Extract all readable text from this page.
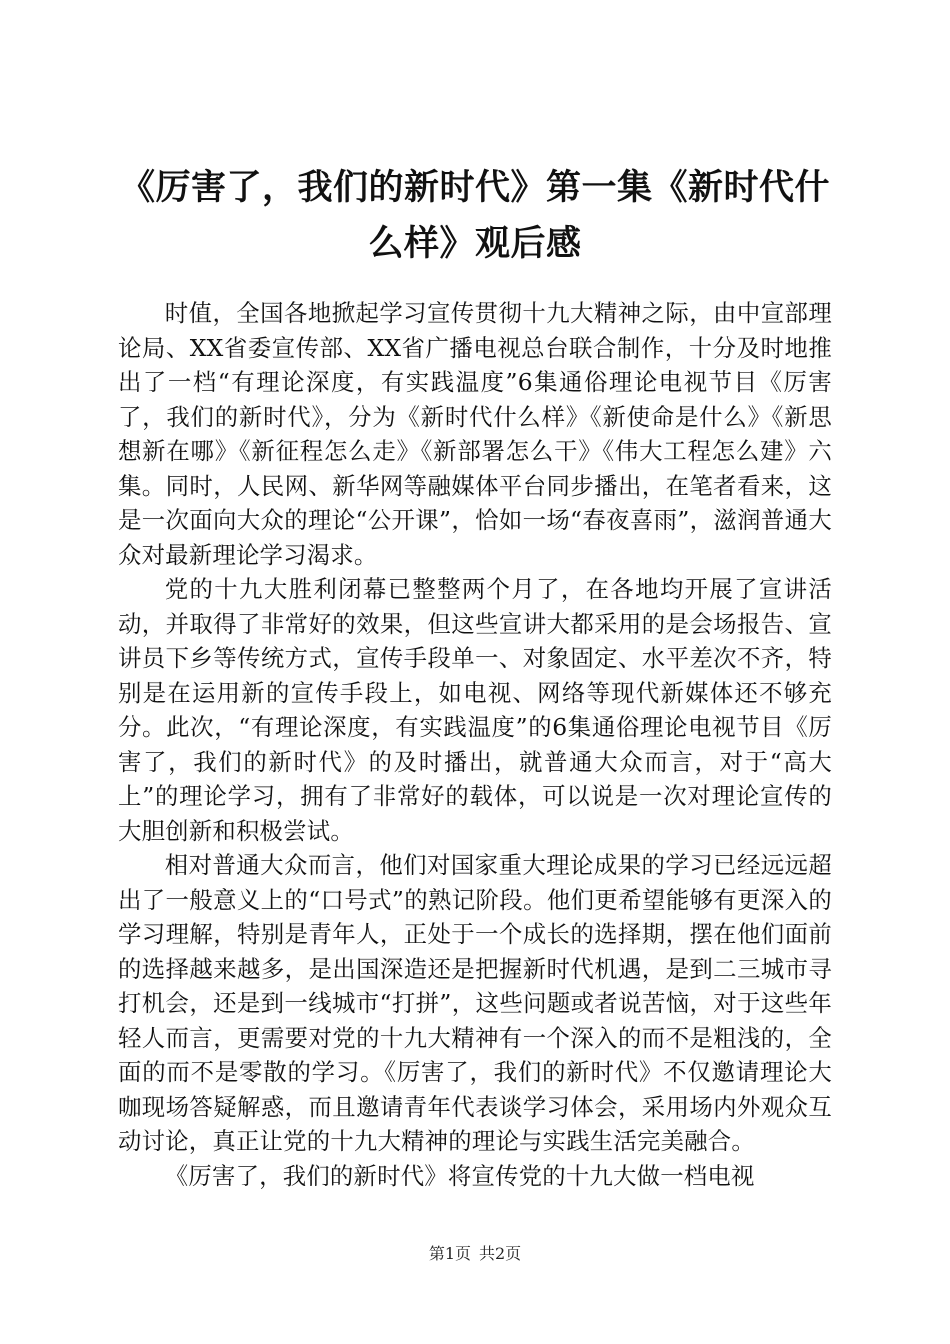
《厉害了，我们的新时代》第一集《新时代什
么样》观后感

时值，全国各地掀起学习宣传贯彻十九大精神之际，由中宣部理论局、XX省委宣传部、XX省广播电视总台联合制作，十分及时地推出了一档“有理论深度，有实践温度”6集通俗理论电视节目《厉害了，我们的新时代》，分为《新时代什么样》《新使命是什么》《新思想新在哪》《新征程怎么走》《新部署怎么干》《伟大工程怎么建》六集。同时，人民网、新华网等融媒体平台同步播出，在笔者看来，这是一次面向大众的理论“公开课”，恰如一场“春夜喜雨”，滋润普通大众对最新理论学习渴求。

党的十九大胜利闭幕已整整两个月了，在各地均开展了宣讲活动，并取得了非常好的效果，但这些宣讲大都采用的是会场报告、宣讲员下乡等传统方式，宣传手段单一、对象固定、水平差次不齐，特别是在运用新的宣传手段上，如电视、网络等现代新媒体还不够充分。此次，“有理论深度，有实践温度”的6集通俗理论电视节目《厉害了，我们的新时代》的及时播出，就普通大众而言，对于“高大上”的理论学习，拥有了非常好的载体，可以说是一次对理论宣传的大胆创新和积极尝试。

相对普通大众而言，他们对国家重大理论成果的学习已经远远超出了一般意义上的“口号式”的熟记阶段。他们更希望能够有更深入的学习理解，特别是青年人，正处于一个成长的选择期，摆在他们面前的选择越来越多，是出国深造还是把握新时代机遇，是到二三城市寻打机会，还是到一线城市“打拼”，这些问题或者说苦恼，对于这些年轻人而言，更需要对党的十九大精神有一个深入的而不是粗浅的，全面的而不是零散的学习。《厉害了，我们的新时代》不仅邀请理论大咖现场答疑解惑，而且邀请青年代表谈学习体会，采用场内外观众互动讨论，真正让党的十九大精神的理论与实践生活完美融合。

《厉害了，我们的新时代》将宣传党的十九大做一档电视

第1页 共2页
